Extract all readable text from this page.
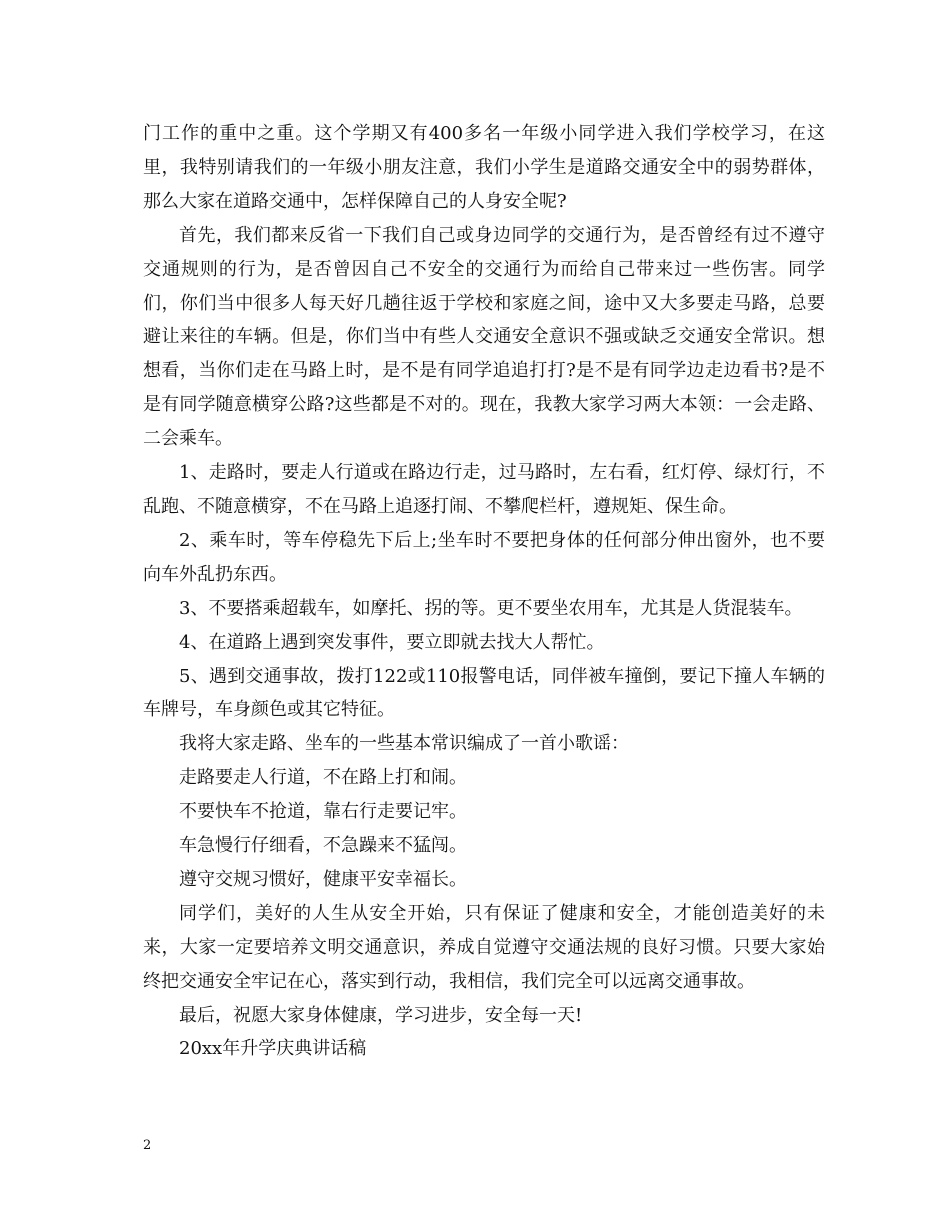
门工作的重中之重。这个学期又有400多名一年级小同学进入我们学校学习，在这里，我特别请我们的一年级小朋友注意，我们小学生是道路交通安全中的弱势群体，那么大家在道路交通中，怎样保障自己的人身安全呢?

首先，我们都来反省一下我们自己或身边同学的交通行为，是否曾经有过不遵守交通规则的行为，是否曾因自己不安全的交通行为而给自己带来过一些伤害。同学们，你们当中很多人每天好几趟往返于学校和家庭之间，途中又大多要走马路，总要避让来往的车辆。但是，你们当中有些人交通安全意识不强或缺乏交通安全常识。想想看，当你们走在马路上时，是不是有同学追追打打?是不是有同学边走边看书?是不是有同学随意横穿公路?这些都是不对的。现在，我教大家学习两大本领：一会走路、二会乘车。

1、走路时，要走人行道或在路边行走，过马路时，左右看，红灯停、绿灯行，不乱跑、不随意横穿，不在马路上追逐打闹、不攀爬栏杆，遵规矩、保生命。

2、乘车时，等车停稳先下后上;坐车时不要把身体的任何部分伸出窗外，也不要向车外乱扔东西。

3、不要搭乘超载车，如摩托、拐的等。更不要坐农用车，尤其是人货混装车。

4、在道路上遇到突发事件，要立即就去找大人帮忙。

5、遇到交通事故，拨打122或110报警电话，同伴被车撞倒，要记下撞人车辆的车牌号，车身颜色或其它特征。

我将大家走路、坐车的一些基本常识编成了一首小歌谣：

走路要走人行道，不在路上打和闹。

不要快车不抢道，靠右行走要记牢。

车急慢行仔细看，不急躁来不猛闯。

遵守交规习惯好，健康平安幸福长。

同学们，美好的人生从安全开始，只有保证了健康和安全，才能创造美好的未来，大家一定要培养文明交通意识，养成自觉遵守交通法规的良好习惯。只要大家始终把交通安全牢记在心，落实到行动，我相信，我们完全可以远离交通事故。

最后，祝愿大家身体健康，学习进步，安全每一天!

20xx年升学庆典讲话稿

2
